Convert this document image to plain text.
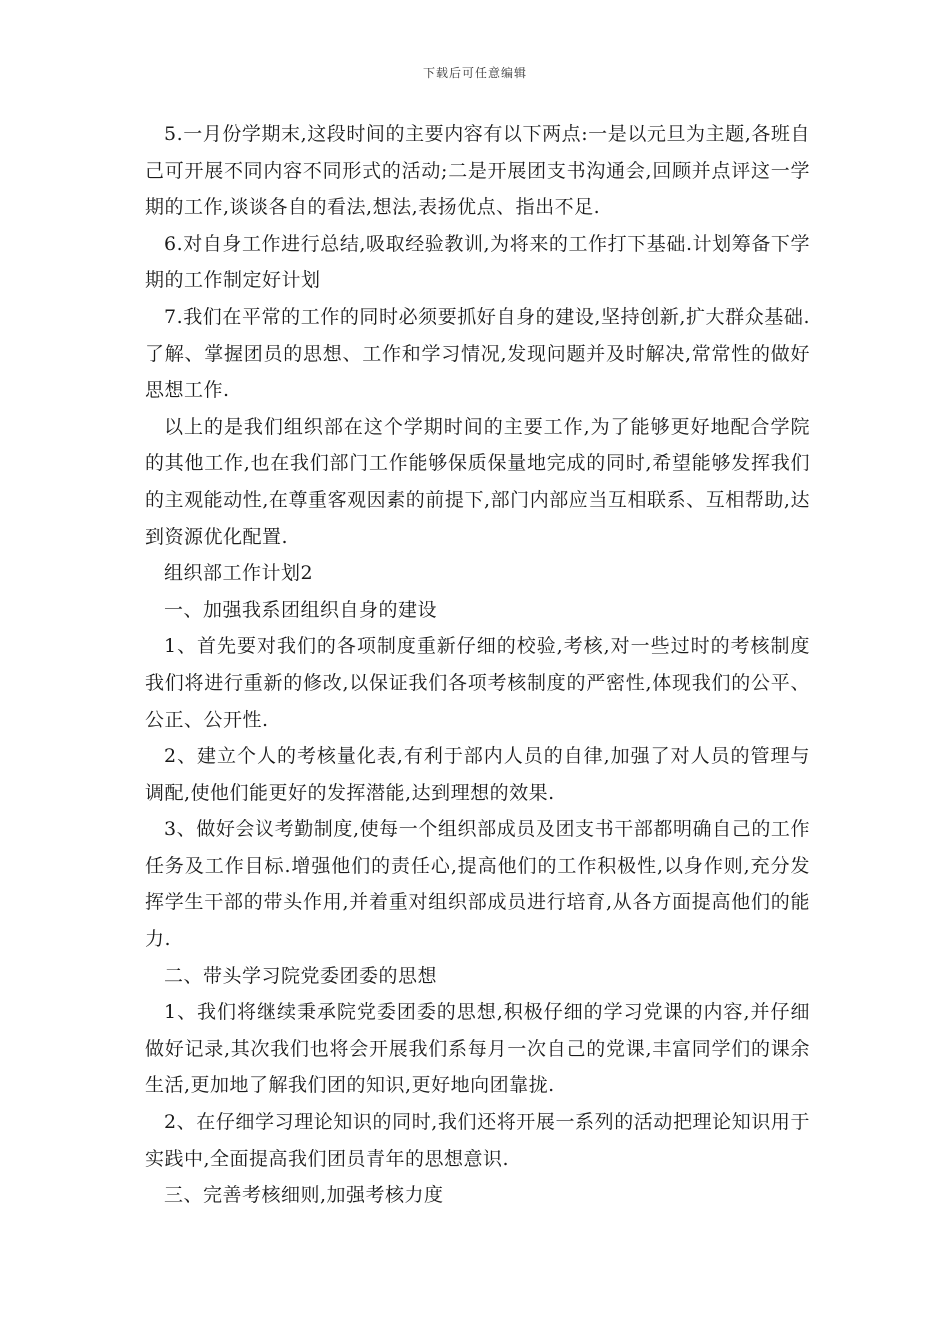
下载后可任意编辑

5.一月份学期末,这段时间的主要内容有以下两点:一是以元旦为主题,各班自己可开展不同内容不同形式的活动;二是开展团支书沟通会,回顾并点评这一学期的工作,谈谈各自的看法,想法,表扬优点、指出不足.

6.对自身工作进行总结,吸取经验教训,为将来的工作打下基础.计划筹备下学期的工作制定好计划

7.我们在平常的工作的同时必须要抓好自身的建设,坚持创新,扩大群众基础.了解、掌握团员的思想、工作和学习情况,发现问题并及时解决,常常性的做好思想工作.

以上的是我们组织部在这个学期时间的主要工作,为了能够更好地配合学院的其他工作,也在我们部门工作能够保质保量地完成的同时,希望能够发挥我们的主观能动性,在尊重客观因素的前提下,部门内部应当互相联系、互相帮助,达到资源优化配置.

组织部工作计划2

一、加强我系团组织自身的建设

1、首先要对我们的各项制度重新仔细的校验,考核,对一些过时的考核制度我们将进行重新的修改,以保证我们各项考核制度的严密性,体现我们的公平、公正、公开性.

2、建立个人的考核量化表,有利于部内人员的自律,加强了对人员的管理与调配,使他们能更好的发挥潜能,达到理想的效果.

3、做好会议考勤制度,使每一个组织部成员及团支书干部都明确自己的工作任务及工作目标.增强他们的责任心,提高他们的工作积极性,以身作则,充分发挥学生干部的带头作用,并着重对组织部成员进行培育,从各方面提高他们的能力.

二、带头学习院党委团委的思想

1、我们将继续秉承院党委团委的思想,积极仔细的学习党课的内容,并仔细做好记录,其次我们也将会开展我们系每月一次自己的党课,丰富同学们的课余生活,更加地了解我们团的知识,更好地向团靠拢.

2、在仔细学习理论知识的同时,我们还将开展一系列的活动把理论知识用于实践中,全面提高我们团员青年的思想意识.

三、完善考核细则,加强考核力度
